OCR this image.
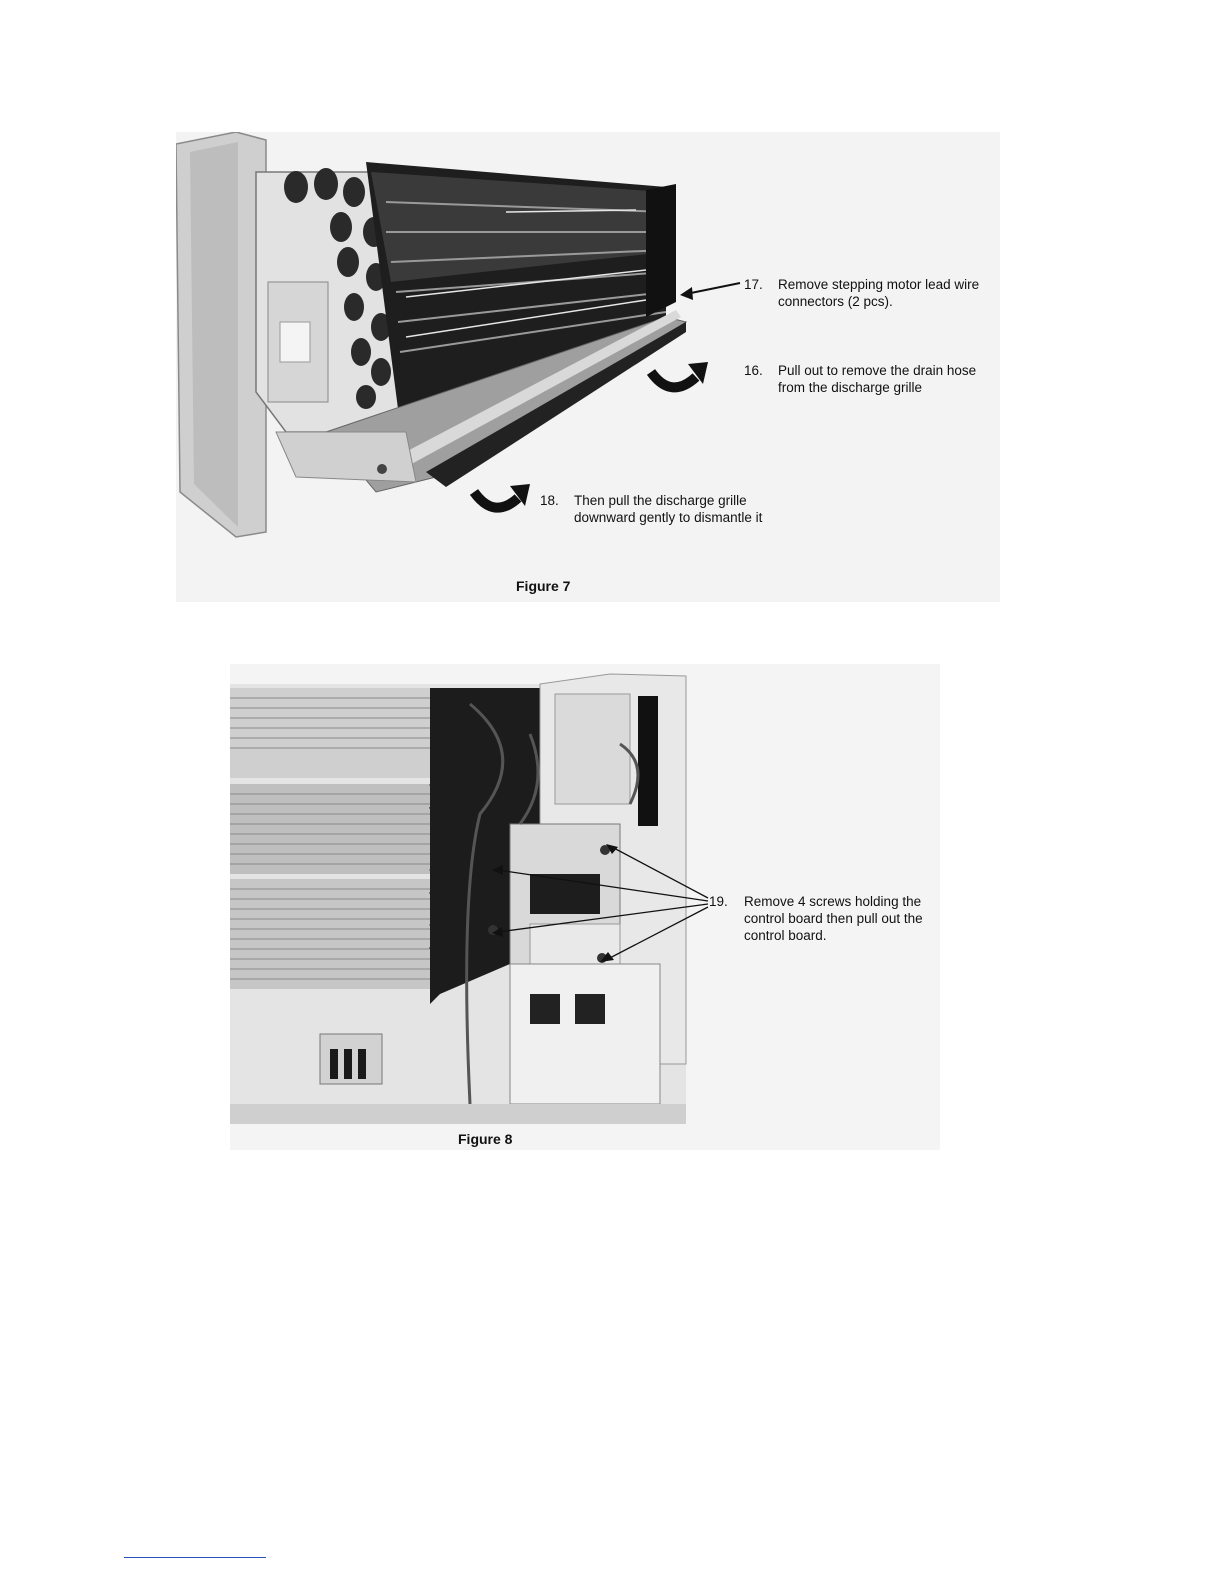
17. Remove stepping motor lead wire
connectors (2 pcs).
16. Pull out to remove the drain hose
from the discharge grille
18. Then pull the discharge grille
downward gently to dismantle it
Figure 7
19. Remove 4 screws holding the
control board then pull out the
control board.
Figure 8
